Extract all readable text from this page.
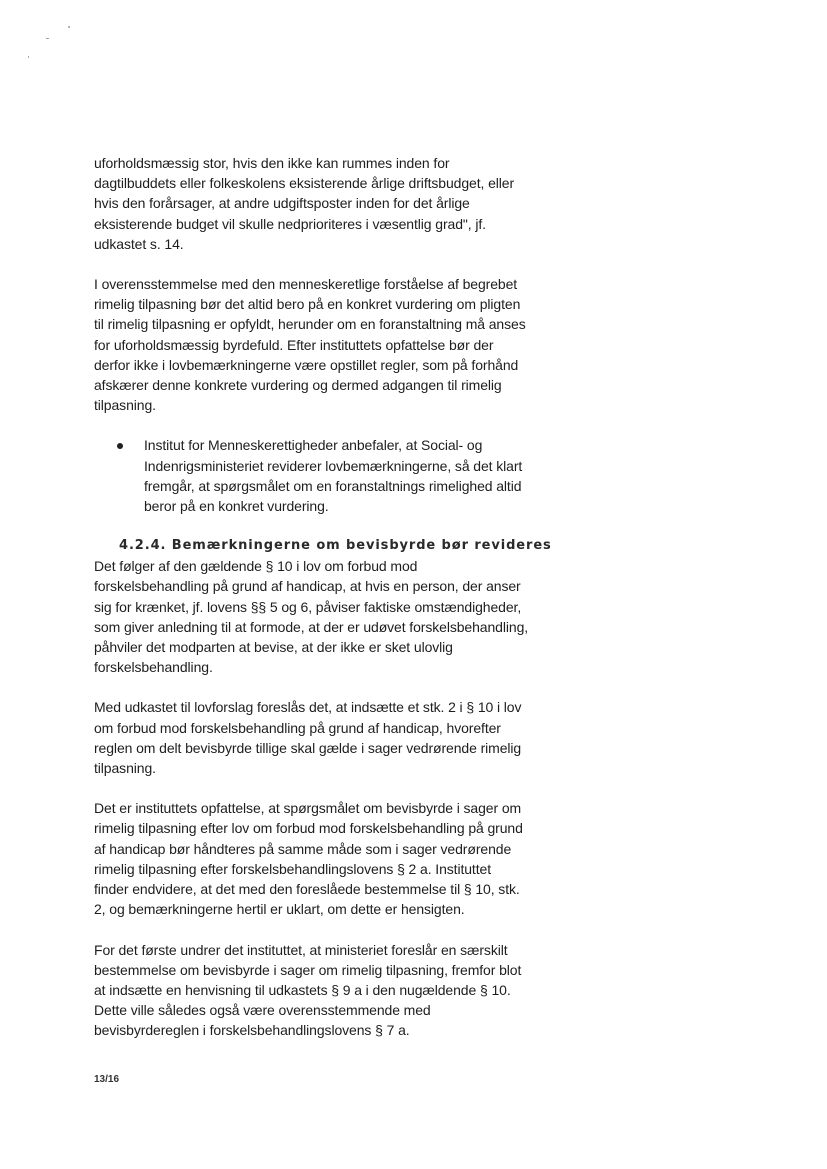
uforholdsmæssig stor, hvis den ikke kan rummes inden for
dagtilbuddets eller folkeskolens eksisterende årlige driftsbudget, eller
hvis den forårsager, at andre udgiftsposter inden for det årlige
eksisterende budget vil skulle nedprioriteres i væsentlig grad", jf.
udkastet s. 14.

I overensstemmelse med den menneskeretlige forståelse af begrebet
rimelig tilpasning bør det altid bero på en konkret vurdering om pligten
til rimelig tilpasning er opfyldt, herunder om en foranstaltning må anses
for uforholdsmæssig byrdefuld. Efter instituttets opfattelse bør der
derfor ikke i lovbemærkningerne være opstillet regler, som på forhånd
afskærer denne konkrete vurdering og dermed adgangen til rimelig
tilpasning.

Institut for Menneskerettigheder anbefaler, at Social- og
Indenrigsministeriet reviderer lovbemærkningerne, så det klart
fremgår, at spørgsmålet om en foranstaltnings rimelighed altid
beror på en konkret vurdering.
4.2.4. Bemærkningerne om bevisbyrde bør revideres

Det følger af den gældende § 10 i lov om forbud mod
forskelsbehandling på grund af handicap, at hvis en person, der anser
sig for krænket, jf. lovens §§ 5 og 6, påviser faktiske omstændigheder,
som giver anledning til at formode, at der er udøvet forskelsbehandling,
påhviler det modparten at bevise, at der ikke er sket ulovlig
forskelsbehandling.

Med udkastet til lovforslag foreslås det, at indsætte et stk. 2 i § 10 i lov
om forbud mod forskelsbehandling på grund af handicap, hvorefter
reglen om delt bevisbyrde tillige skal gælde i sager vedrørende rimelig
tilpasning.

Det er instituttets opfattelse, at spørgsmålet om bevisbyrde i sager om
rimelig tilpasning efter lov om forbud mod forskelsbehandling på grund
af handicap bør håndteres på samme måde som i sager vedrørende
rimelig tilpasning efter forskelsbehandlingslovens § 2 a. Instituttet
finder endvidere, at det med den foreslåede bestemmelse til § 10, stk.
2, og bemærkningerne hertil er uklart, om dette er hensigten.

For det første undrer det instituttet, at ministeriet foreslår en særskilt
bestemmelse om bevisbyrde i sager om rimelig tilpasning, fremfor blot
at indsætte en henvisning til udkastets § 9 a i den nugældende § 10.
Dette ville således også være overensstemmende med
bevisbyrdereglen i forskelsbehandlingslovens § 7 a.

13/16
